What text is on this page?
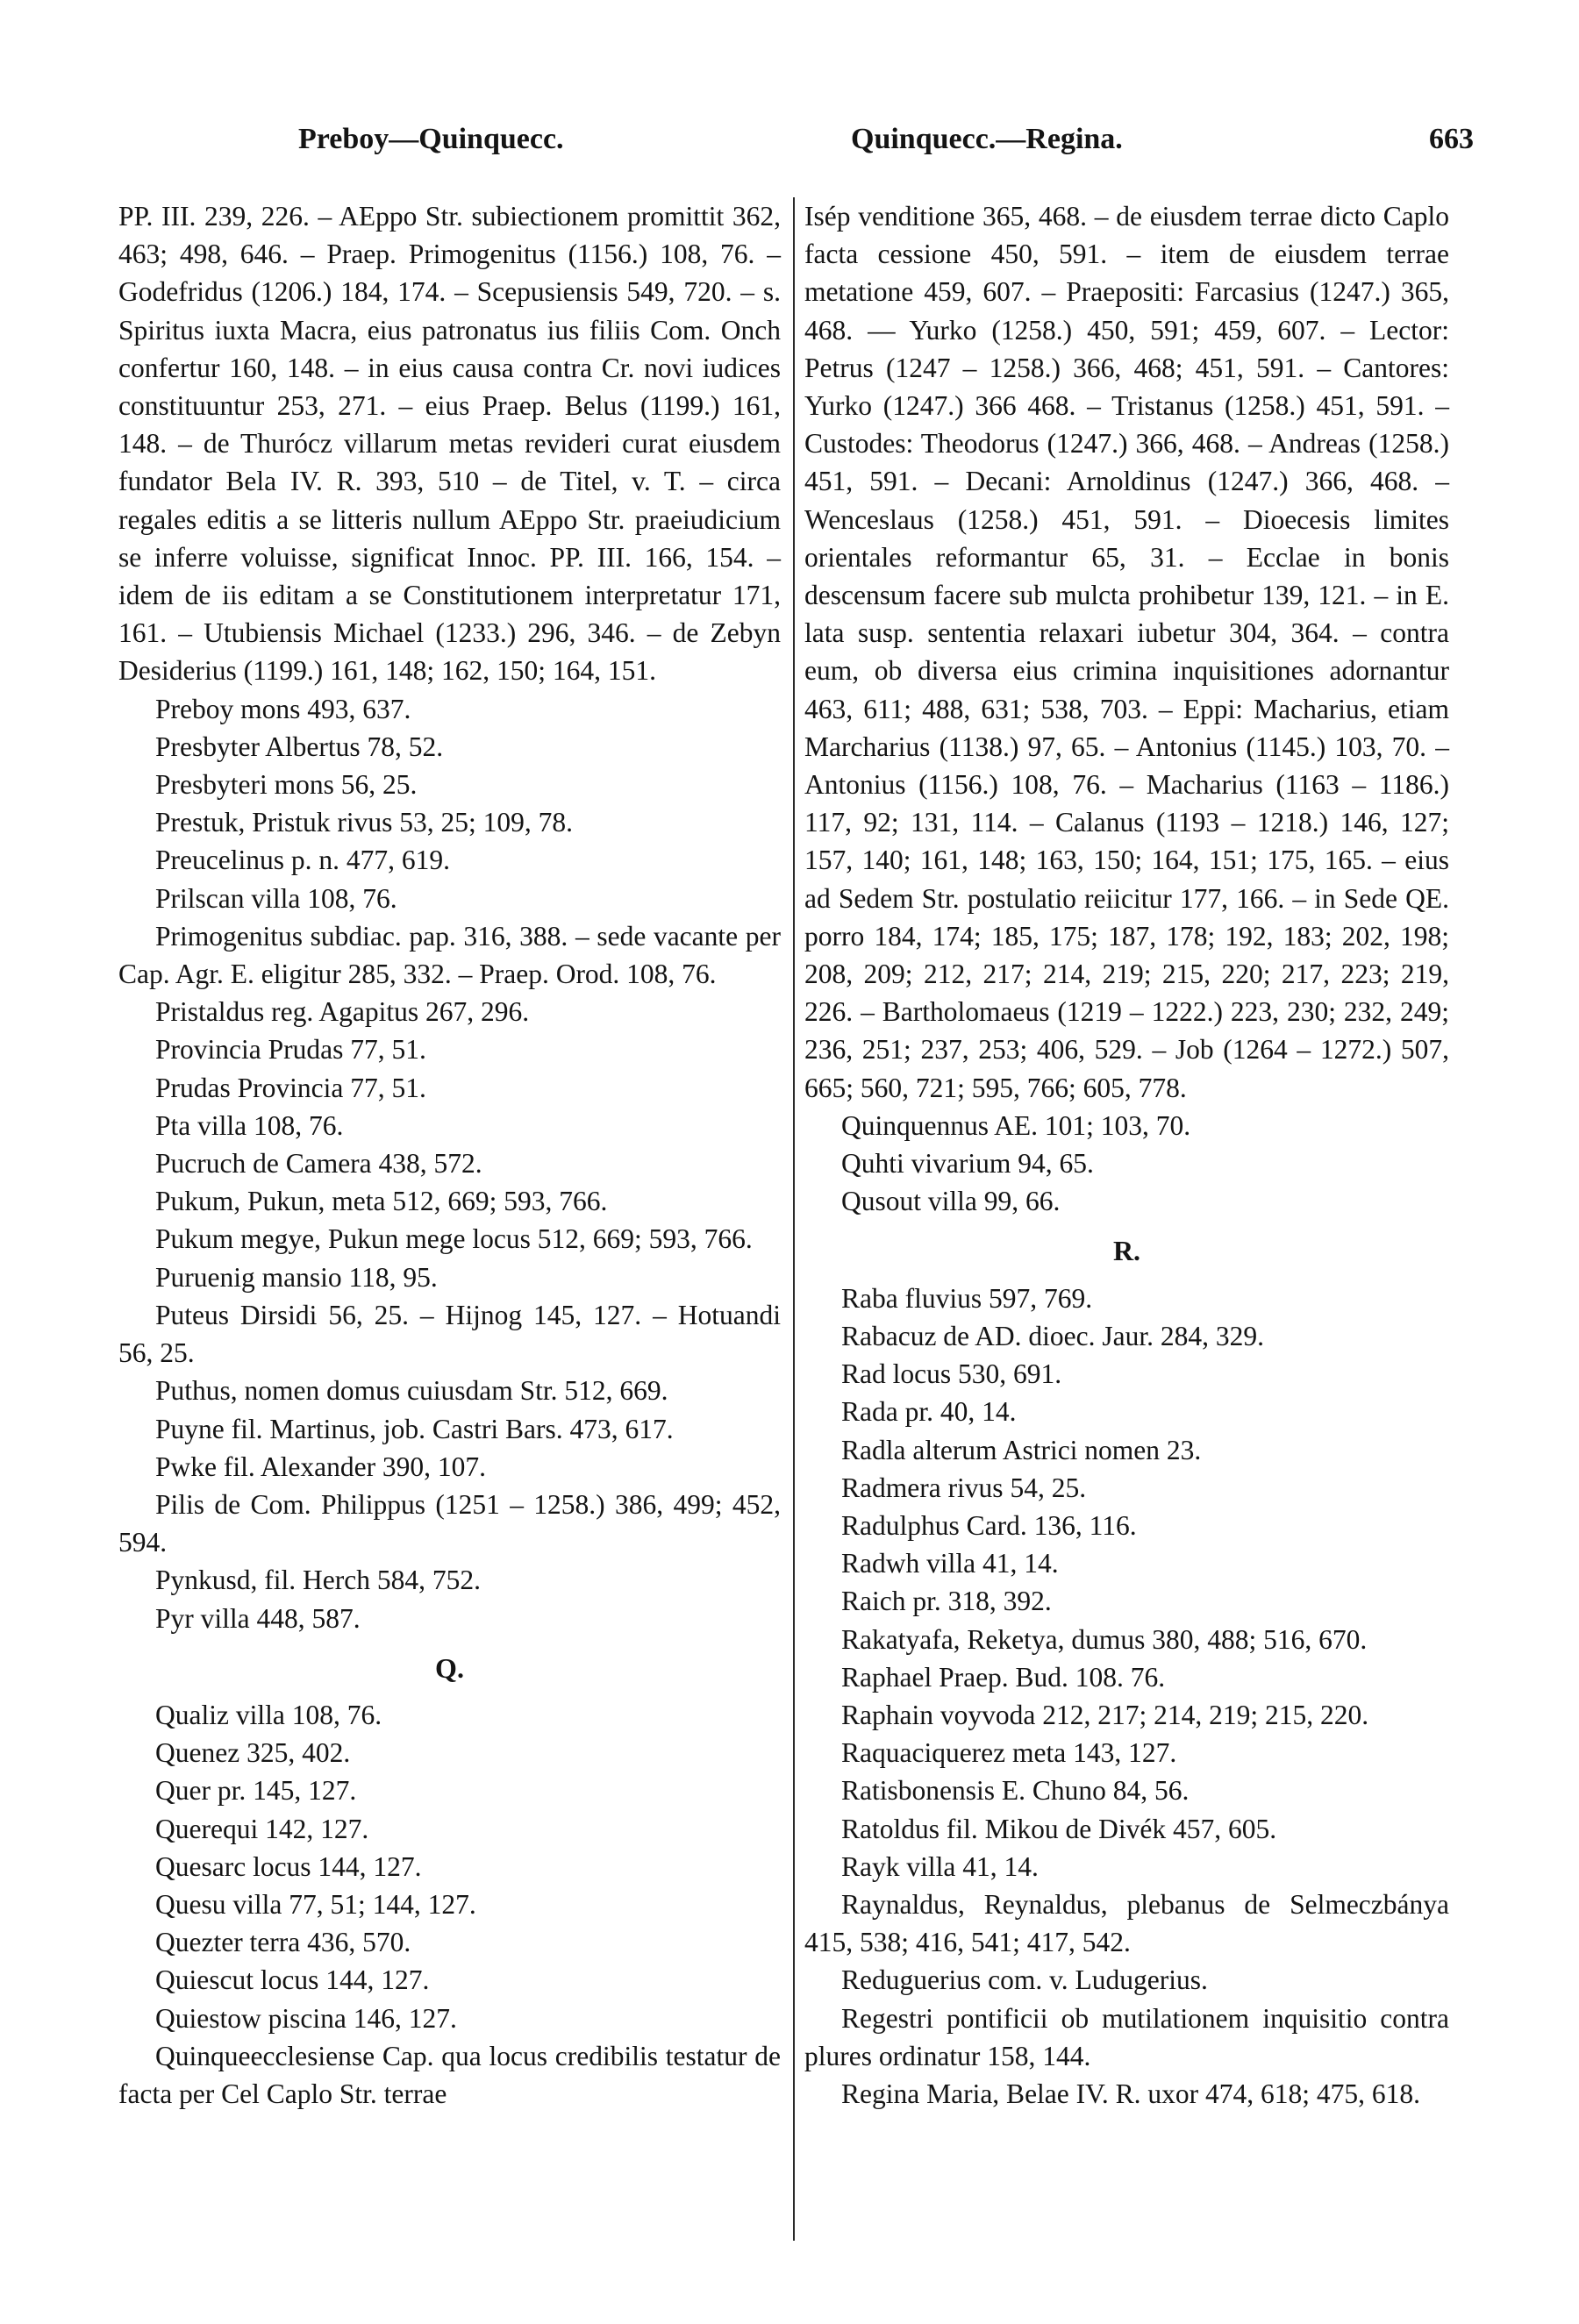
Preboy—Quinquecc.	Quinquecc.—Regina.	663

PP. III. 239, 226. – AEppo Str. subiectionem promittit 362, 463; 498, 646. – Praep. Primogenitus (1156.) 108, 76. – Godefridus (1206.) 184, 174. – Scepusiensis 549, 720. – s. Spiritus iuxta Macra, eius patronatus ius filiis Com. Onch confertur 160, 148. – in eius causa contra Cr. novi iudices constituuntur 253, 271. – eius Praep. Belus (1199.) 161, 148. – de Thurócz villarum metas revideri curat eiusdem fundator Bela IV. R. 393, 510 – de Titel, v. T. – circa regales editis a se litteris nullum AEppo Str. praeiudicium se inferre voluisse, significat Innoc. PP. III. 166, 154. – idem de iis editam a se Constitutionem interpretatur 171, 161. – Utubiensis Michael (1233.) 296, 346. – de Zebyn Desiderius (1199.) 161, 148; 162, 150; 164, 151.

Preboy mons 493, 637.

Presbyter Albertus 78, 52.

Presbyteri mons 56, 25.

Prestuk, Pristuk rivus 53, 25; 109, 78.

Preucelinus p. n. 477, 619.

Prilscan villa 108, 76.

Primogenitus subdiac. pap. 316, 388. – sede vacante per Cap. Agr. E. eligitur 285, 332. – Praep. Orod. 108, 76.

Pristaldus reg. Agapitus 267, 296.

Provincia Prudas 77, 51.

Prudas Provincia 77, 51.

Pta villa 108, 76.

Pucruch de Camera 438, 572.

Pukum, Pukun, meta 512, 669; 593, 766.

Pukum megye, Pukun mege locus 512, 669; 593, 766.

Puruenig mansio 118, 95.

Puteus Dirsidi 56, 25. – Hijnog 145, 127. – Hotuandi 56, 25.

Puthus, nomen domus cuiusdam Str. 512, 669.

Puyne fil. Martinus, job. Castri Bars. 473, 617.

Pwke fil. Alexander 390, 107.

Pilis de Com. Philippus (1251 – 1258.) 386, 499; 452, 594.

Pynkusd, fil. Herch 584, 752.

Pyr villa 448, 587.

Q.

Qualiz villa 108, 76.

Quenez 325, 402.

Quer pr. 145, 127.

Querequi 142, 127.

Quesarc locus 144, 127.

Quesu villa 77, 51; 144, 127.

Quezter terra 436, 570.

Quiescut locus 144, 127.

Quiestow piscina 146, 127.

Quinqueecclesiense Cap. qua locus credibilis testatur de facta per Cel Caplo Str. terrae

Isép venditione 365, 468. – de eiusdem terrae dicto Caplo facta cessione 450, 591. – item de eiusdem terrae metatione 459, 607. – Praepositi: Farcasius (1247.) 365, 468. — Yurko (1258.) 450, 591; 459, 607. – Lector: Petrus (1247 – 1258.) 366, 468; 451, 591. – Cantores: Yurko (1247.) 366 468. – Tristanus (1258.) 451, 591. – Custodes: Theodorus (1247.) 366, 468. – Andreas (1258.) 451, 591. – Decani: Arnoldinus (1247.) 366, 468. – Wenceslaus (1258.) 451, 591. – Dioecesis limites orientales reformantur 65, 31. – Ecclae in bonis descensum facere sub mulcta prohibetur 139, 121. – in E. lata susp. sententia relaxari iubetur 304, 364. – contra eum, ob diversa eius crimina inquisitiones adornantur 463, 611; 488, 631; 538, 703. – Eppi: Macharius, etiam Marcharius (1138.) 97, 65. – Antonius (1145.) 103, 70. – Antonius (1156.) 108, 76. – Macharius (1163 – 1186.) 117, 92; 131, 114. – Calanus (1193 – 1218.) 146, 127; 157, 140; 161, 148; 163, 150; 164, 151; 175, 165. – eius ad Sedem Str. postulatio reiicitur 177, 166. – in Sede QE. porro 184, 174; 185, 175; 187, 178; 192, 183; 202, 198; 208, 209; 212, 217; 214, 219; 215, 220; 217, 223; 219, 226. – Bartholomaeus (1219 – 1222.) 223, 230; 232, 249; 236, 251; 237, 253; 406, 529. – Job (1264 – 1272.) 507, 665; 560, 721; 595, 766; 605, 778.

Quinquennus AE. 101; 103, 70.

Quhti vivarium 94, 65.

Qusout villa 99, 66.

R.

Raba fluvius 597, 769.

Rabacuz de AD. dioec. Jaur. 284, 329.

Rad locus 530, 691.

Rada pr. 40, 14.

Radla alterum Astrici nomen 23.

Radmera rivus 54, 25.

Radulphus Card. 136, 116.

Radwh villa 41, 14.

Raich pr. 318, 392.

Rakatyafa, Reketya, dumus 380, 488; 516, 670.

Raphael Praep. Bud. 108. 76.

Raphain voyvoda 212, 217; 214, 219; 215, 220.

Raquaciquerez meta 143, 127.

Ratisbonensis E. Chuno 84, 56.

Ratoldus fil. Mikou de Divék 457, 605.

Rayk villa 41, 14.

Raynaldus, Reynaldus, plebanus de Selmeczbánya 415, 538; 416, 541; 417, 542.

Reduguerius com. v. Ludugerius.

Regestri pontificii ob mutilationem inquisitio contra plures ordinatur 158, 144.

Regina Maria, Belae IV. R. uxor 474, 618; 475, 618.
